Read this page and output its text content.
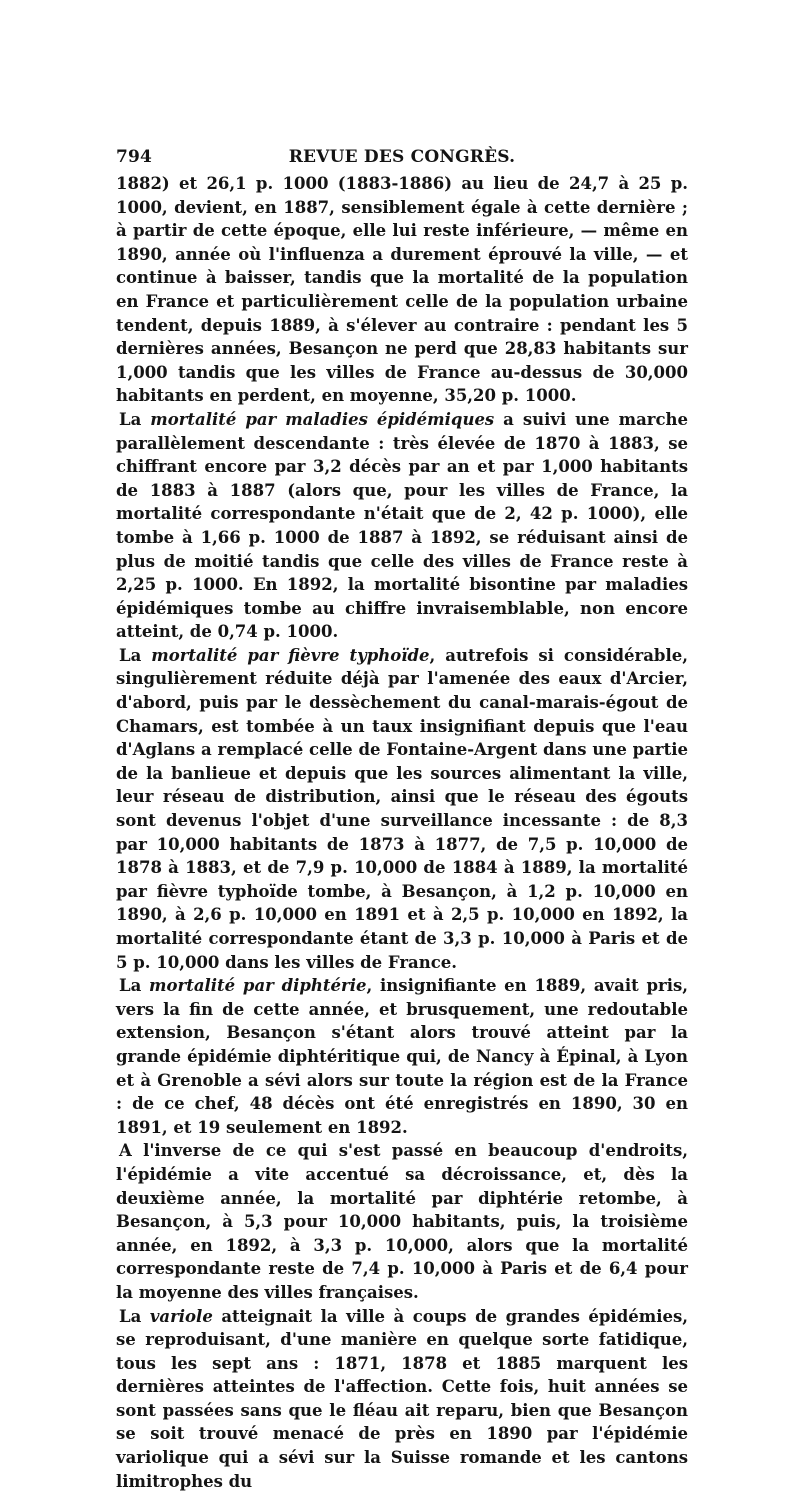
794	REVUE DES CONGRÈS.

1882) et 26,1 p. 1000 (1883-1886) au lieu de 24,7 à 25 p. 1000, devient, en 1887, sensiblement égale à cette dernière ; à partir de cette époque, elle lui reste inférieure, — même en 1890, année où l'influenza a durement éprouvé la ville, — et continue à baisser, tandis que la mortalité de la population en France et particulièrement celle de la population urbaine tendent, depuis 1889, à s'élever au contraire : pendant les 5 dernières années, Besançon ne perd que 28,83 habitants sur 1,000 tandis que les villes de France au-dessus de 30,000 habitants en perdent, en moyenne, 35,20 p. 1000.

La mortalité par maladies épidémiques a suivi une marche parallèlement descendante : très élevée de 1870 à 1883, se chiffrant encore par 3,2 décès par an et par 1,000 habitants de 1883 à 1887 (alors que, pour les villes de France, la mortalité correspondante n'était que de 2, 42 p. 1000), elle tombe à 1,66 p. 1000 de 1887 à 1892, se réduisant ainsi de plus de moitié tandis que celle des villes de France reste à 2,25 p. 1000. En 1892, la mortalité bisontine par maladies épidémiques tombe au chiffre invraisemblable, non encore atteint, de 0,74 p. 1000.

La mortalité par fièvre typhoïde, autrefois si considérable, singulièrement réduite déjà par l'amenée des eaux d'Arcier, d'abord, puis par le dessèchement du canal-marais-égout de Chamars, est tombée à un taux insignifiant depuis que l'eau d'Aglans a remplacé celle de Fontaine-Argent dans une partie de la banlieue et depuis que les sources alimentant la ville, leur réseau de distribution, ainsi que le réseau des égouts sont devenus l'objet d'une surveillance incessante : de 8,3 par 10,000 habitants de 1873 à 1877, de 7,5 p. 10,000 de 1878 à 1883, et de 7,9 p. 10,000 de 1884 à 1889, la mortalité par fièvre typhoïde tombe, à Besançon, à 1,2 p. 10,000 en 1890, à 2,6 p. 10,000 en 1891 et à 2,5 p. 10,000 en 1892, la mortalité correspondante étant de 3,3 p. 10,000 à Paris et de 5 p. 10,000 dans les villes de France.

La mortalité par diphtérie, insignifiante en 1889, avait pris, vers la fin de cette année, et brusquement, une redoutable extension, Besançon s'étant alors trouvé atteint par la grande épidémie diphtéritique qui, de Nancy à Épinal, à Lyon et à Grenoble a sévi alors sur toute la région est de la France : de ce chef, 48 décès ont été enregistrés en 1890, 30 en 1891, et 19 seulement en 1892.

A l'inverse de ce qui s'est passé en beaucoup d'endroits, l'épidémie a vite accentué sa décroissance, et, dès la deuxième année, la mortalité par diphtérie retombe, à Besançon, à 5,3 pour 10,000 habitants, puis, la troisième année, en 1892, à 3,3 p. 10,000, alors que la mortalité correspondante reste de 7,4 p. 10,000 à Paris et de 6,4 pour la moyenne des villes françaises.

La variole atteignait la ville à coups de grandes épidémies, se reproduisant, d'une manière en quelque sorte fatidique, tous les sept ans : 1871, 1878 et 1885 marquent les dernières atteintes de l'affection. Cette fois, huit années se sont passées sans que le fléau ait reparu, bien que Besançon se soit trouvé menacé de près en 1890 par l'épidémie variolique qui a sévi sur la Suisse romande et les cantons limitrophes du
